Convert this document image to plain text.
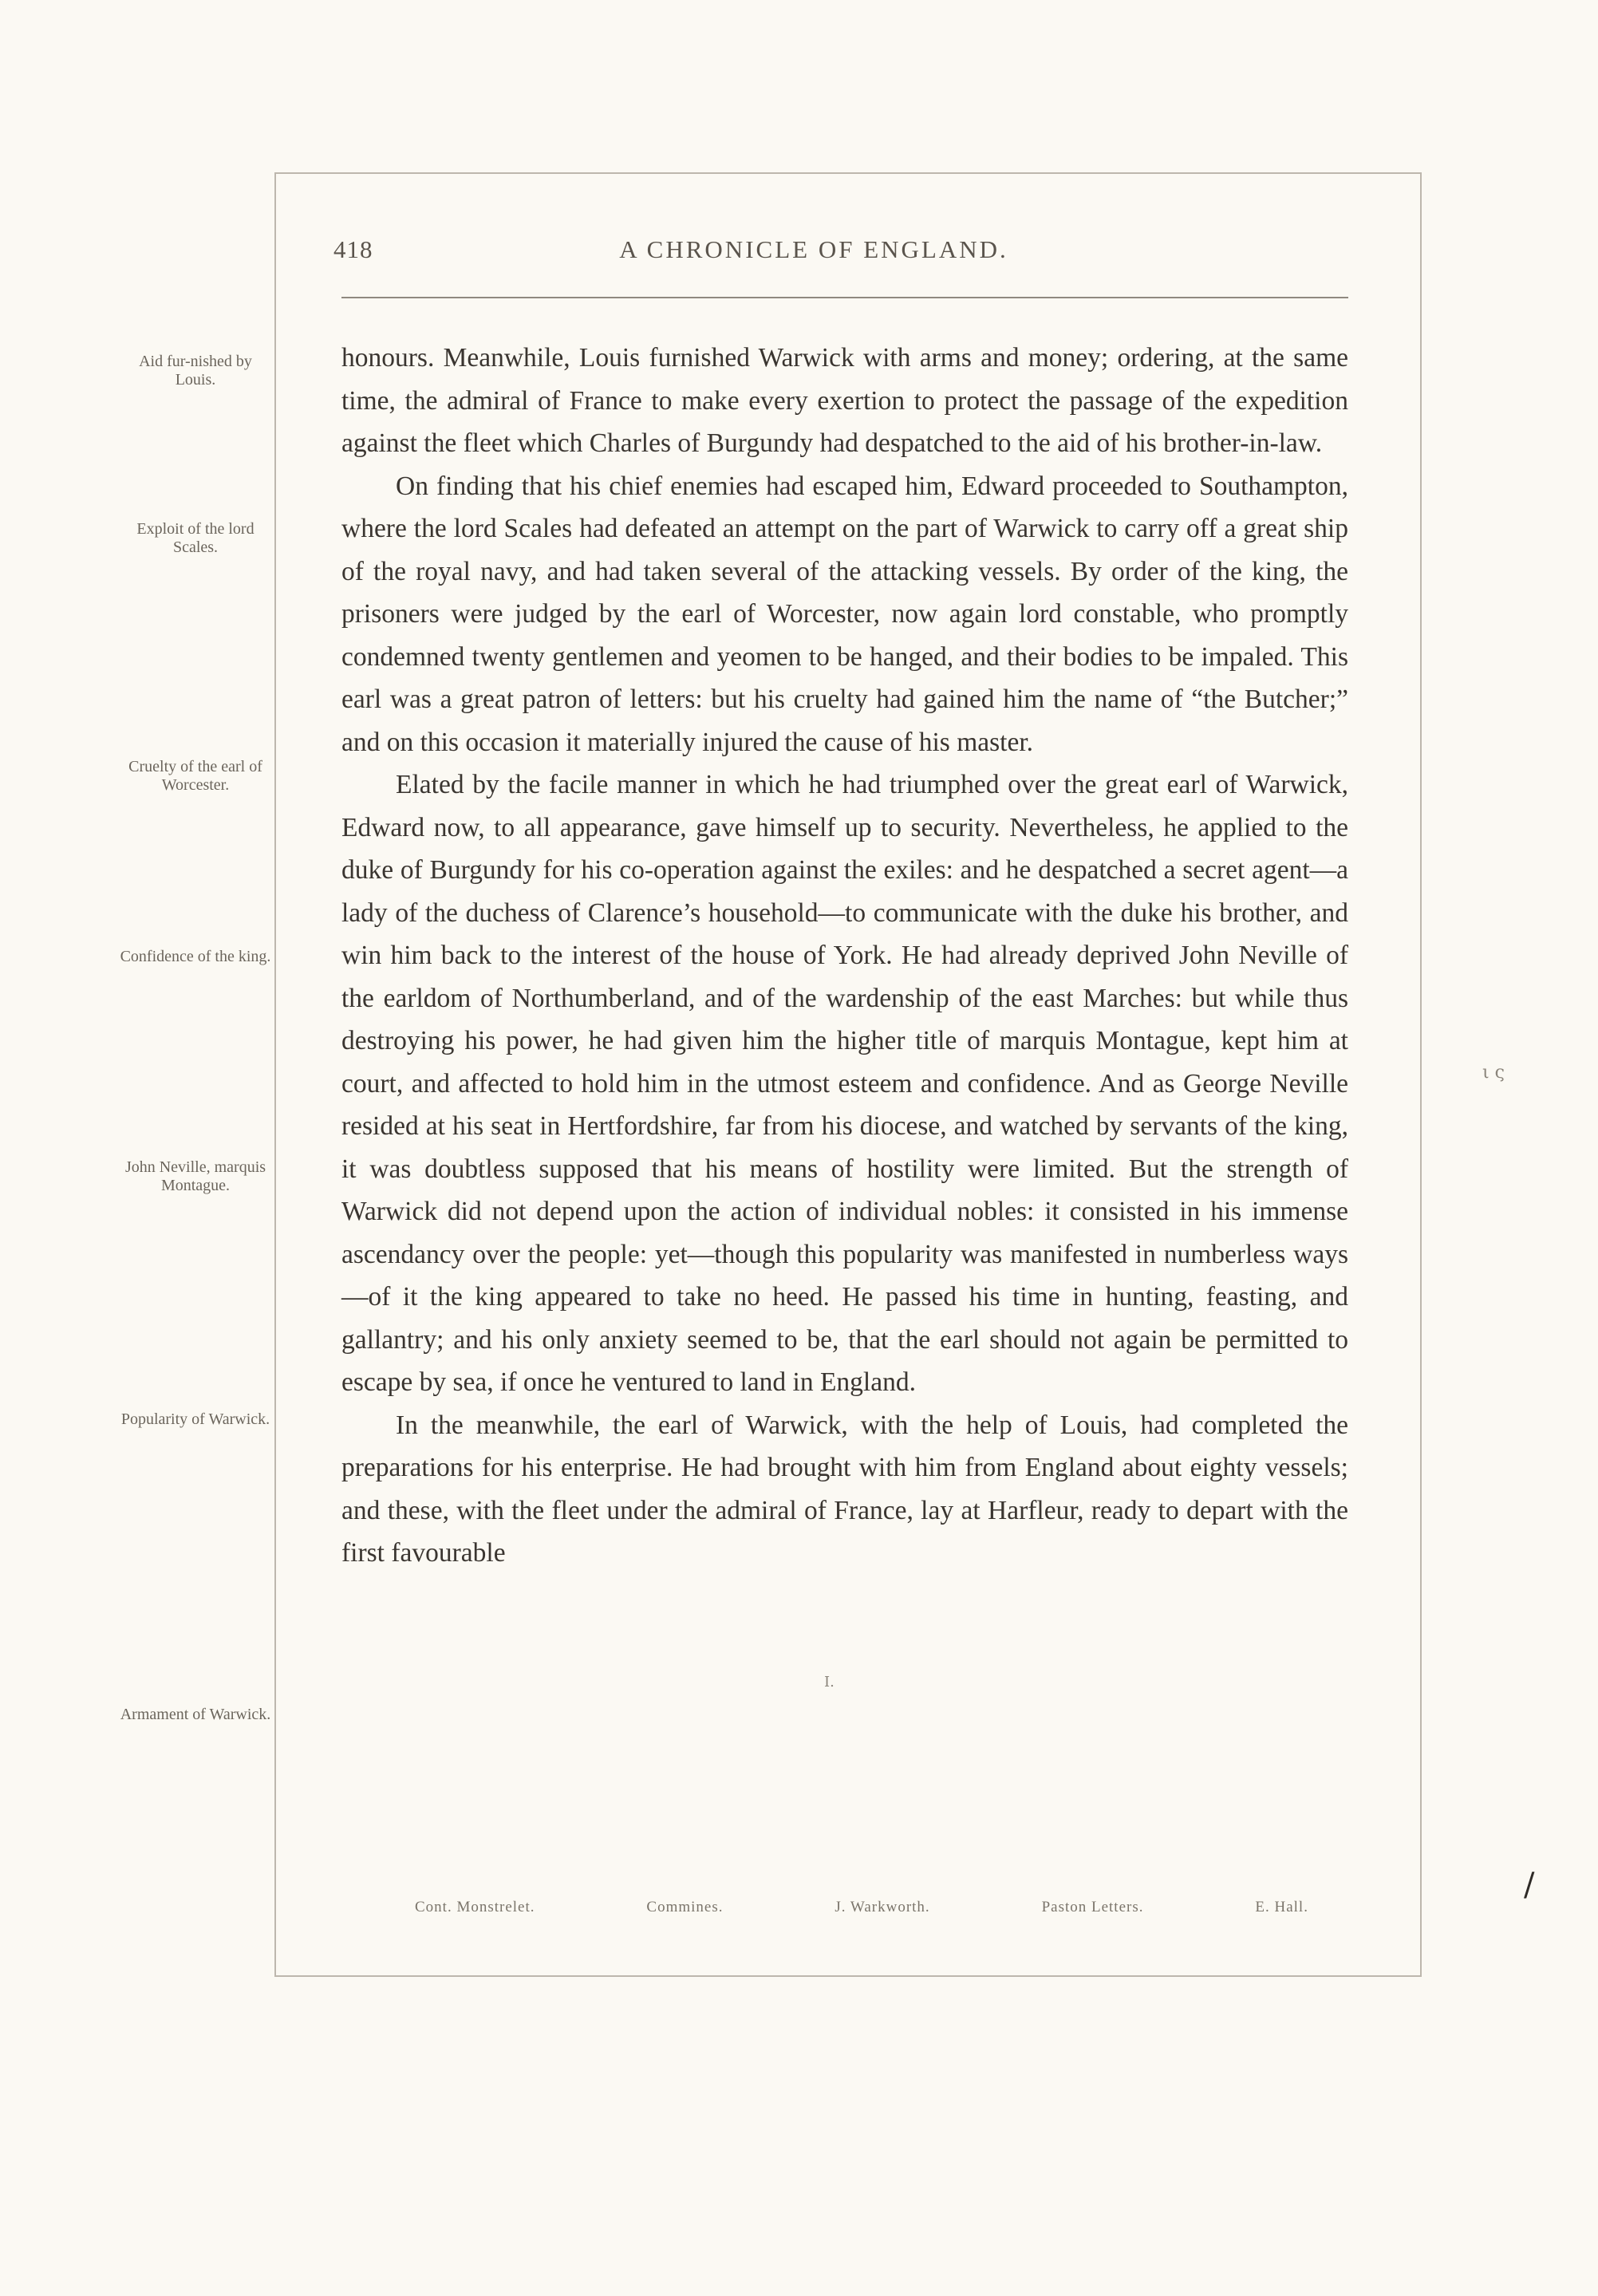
418	A CHRONICLE OF ENGLAND.
Aid fur-nished by Louis.
Exploit of the lord Scales.
Cruelty of the earl of Worcester.
Confidence of the king.
John Neville, marquis Montague.
Popularity of Warwick.
Armament of Warwick.

honours. Meanwhile, Louis furnished Warwick with arms and money; ordering, at the same time, the admiral of France to make every exertion to protect the passage of the expedition against the fleet which Charles of Burgundy had despatched to the aid of his brother-in-law.

On finding that his chief enemies had escaped him, Edward proceeded to Southampton, where the lord Scales had defeated an attempt on the part of Warwick to carry off a great ship of the royal navy, and had taken several of the attacking vessels. By order of the king, the prisoners were judged by the earl of Worcester, now again lord constable, who promptly condemned twenty gentlemen and yeomen to be hanged, and their bodies to be impaled. This earl was a great patron of letters: but his cruelty had gained him the name of “the Butcher;” and on this occasion it materially injured the cause of his master.

Elated by the facile manner in which he had triumphed over the great earl of Warwick, Edward now, to all appearance, gave himself up to security. Nevertheless, he applied to the duke of Burgundy for his co-operation against the exiles: and he despatched a secret agent—a lady of the duchess of Clarence’s household—to communicate with the duke his brother, and win him back to the interest of the house of York. He had already deprived John Neville of the earldom of Northumberland, and of the wardenship of the east Marches: but while thus destroying his power, he had given him the higher title of marquis Montague, kept him at court, and affected to hold him in the utmost esteem and confidence. And as George Neville resided at his seat in Hertfordshire, far from his diocese, and watched by servants of the king, it was doubtless supposed that his means of hostility were limited. But the strength of Warwick did not depend upon the action of individual nobles: it consisted in his immense ascendancy over the people: yet—though this popularity was manifested in numberless ways—of it the king appeared to take no heed. He passed his time in hunting, feasting, and gallantry; and his only anxiety seemed to be, that the earl should not again be permitted to escape by sea, if once he ventured to land in England.

In the meanwhile, the earl of Warwick, with the help of Louis, had completed the preparations for his enterprise. He had brought with him from England about eighty vessels; and these, with the fleet under the admiral of France, lay at Harfleur, ready to depart with the first favourable

Cont. Monstrelet.	Commines.	J. Warkworth.	Paston Letters.	E. Hall.
I.
ι ς
/
